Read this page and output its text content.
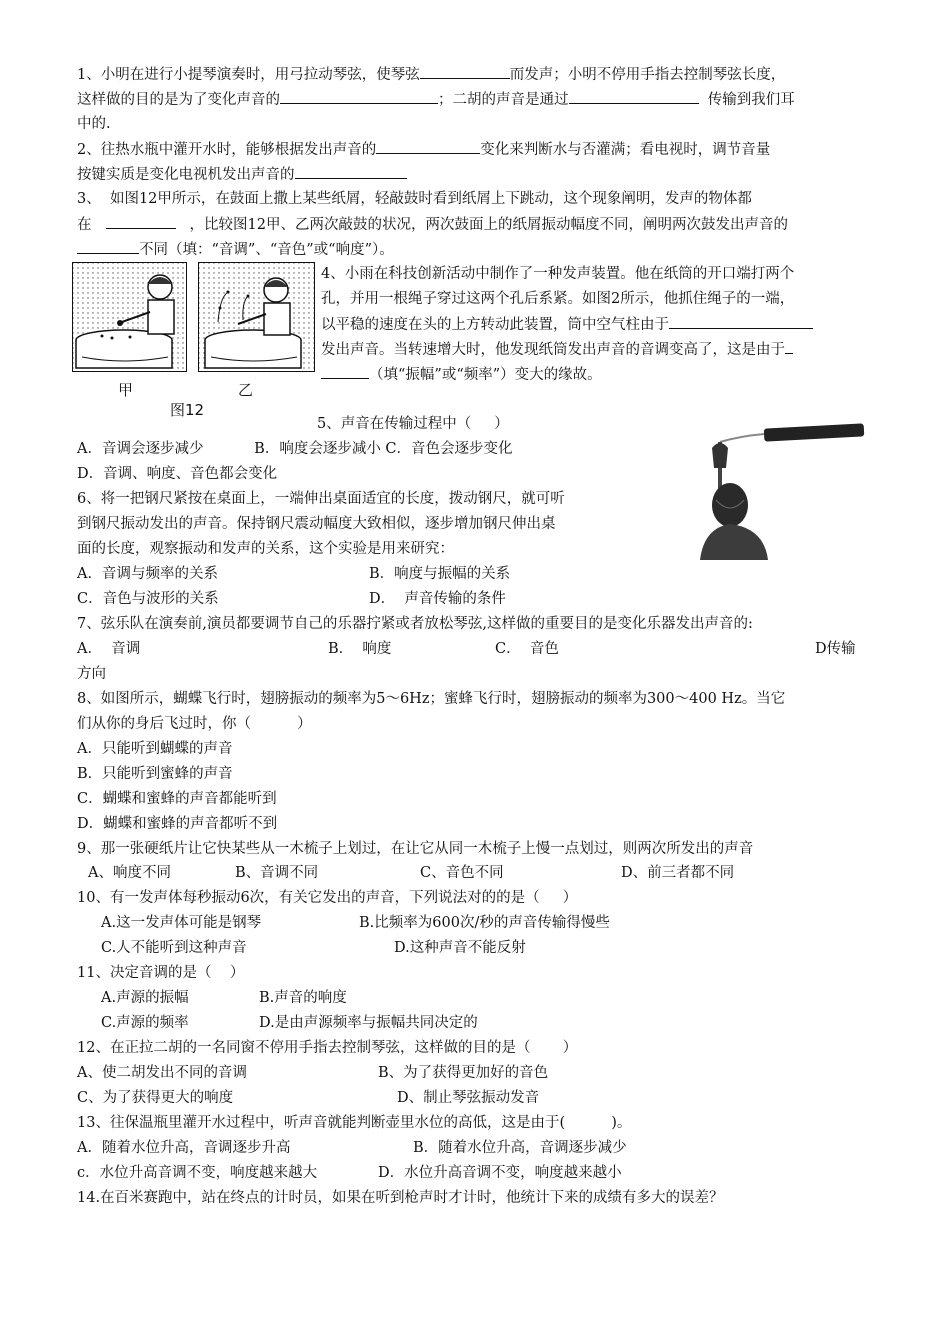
1、小明在进行小提琴演奏时，用弓拉动琴弦，使琴弦	而发声；小明不停用手指去控制琴弦长度，
这样做的目的是为了变化声音的	；二胡的声音是通过	传输到我们耳
中的.
2、往热水瓶中灌开水时，能够根据发出声音的	变化来判断水与否灌满；看电视时，调节音量
按键实质是变化电视机发出声音的
3、  如图12甲所示，在鼓面上撒上某些纸屑，轻敲鼓时看到纸屑上下跳动，这个现象阐明，发声的物体都
在	，比较图12甲、乙两次敲鼓的状况，两次鼓面上的纸屑振动幅度不同，阐明两次鼓发出声音的
不同（填：“音调”、“音色”或“响度”）。
甲	乙
图12
4、小雨在科技创新活动中制作了一种发声装置。他在纸筒的开口端打两个
孔，并用一根绳子穿过这两个孔后系紧。如图2所示，他抓住绳子的一端，
以平稳的速度在头的上方转动此装置，筒中空气柱由于
发出声音。当转速增大时，他发现纸筒发出声音的音调变高了，这是由于
（填“振幅”或“频率”）变大的缘故。
5、声音在传输过程中（     ）
A．音调会逐步减少           B．响度会逐步减小 C．音色会逐步变化
D．音调、响度、音色都会变化
6、将一把钢尺紧按在桌面上，一端伸出桌面适宜的长度，拨动钢尺，就可听
到钢尺振动发出的声音。保持钢尺震动幅度大致相似，逐步增加钢尺伸出桌
面的长度，观察振动和发声的关系，这个实验是用来研究：
A．音调与频率的关系	B．响度与振幅的关系
C．音色与波形的关系	D．  声音传输的条件
7、弦乐队在演奏前,演员都要调节自己的乐器拧紧或者放松琴弦,这样做的重要目的是变化乐器发出声音的:
A．  音调	B．  响度	C．  音色	D传输
方向
8、如图所示，蝴蝶飞行时，翅膀振动的频率为5～6Hz；蜜蜂飞行时，翅膀振动的频率为300～400 Hz。当它
们从你的身后飞过时，你（          ）
A．只能听到蝴蝶的声音
B．只能听到蜜蜂的声音
C．蝴蝶和蜜蜂的声音都能听到
D．蝴蝶和蜜蜂的声音都听不到
9、那一张硬纸片让它快某些从一木梳子上划过，在让它从同一木梳子上慢一点划过，则两次所发出的声音
A、响度不同	B、音调不同	C、音色不同	D、前三者都不同
10、有一发声体每秒振动6次，有关它发出的声音，下列说法对的的是（     ）
A.这一发声体可能是钢琴	B.比频率为600次/秒的声音传输得慢些
C.人不能听到这种声音	D.这种声音不能反射
11、决定音调的是（    ）
A.声源的振幅	B.声音的响度
C.声源的频率	D.是由声源频率与振幅共同决定的
12、在正拉二胡的一名同窗不停用手指去控制琴弦，这样做的目的是（       ）
A、使二胡发出不同的音调	B、为了获得更加好的音色
C、为了获得更大的响度	D、制止琴弦振动发音
13、往保温瓶里灌开水过程中，听声音就能判断壶里水位的高低，这是由于(          )。
A．随着水位升高，音调逐步升高	B．随着水位升高，音调逐步减少
c．水位升高音调不变，响度越来越大	D．水位升高音调不变，响度越来越小
14.在百米赛跑中，站在终点的计时员，如果在听到枪声时才计时，他统计下来的成绩有多大的误差？
